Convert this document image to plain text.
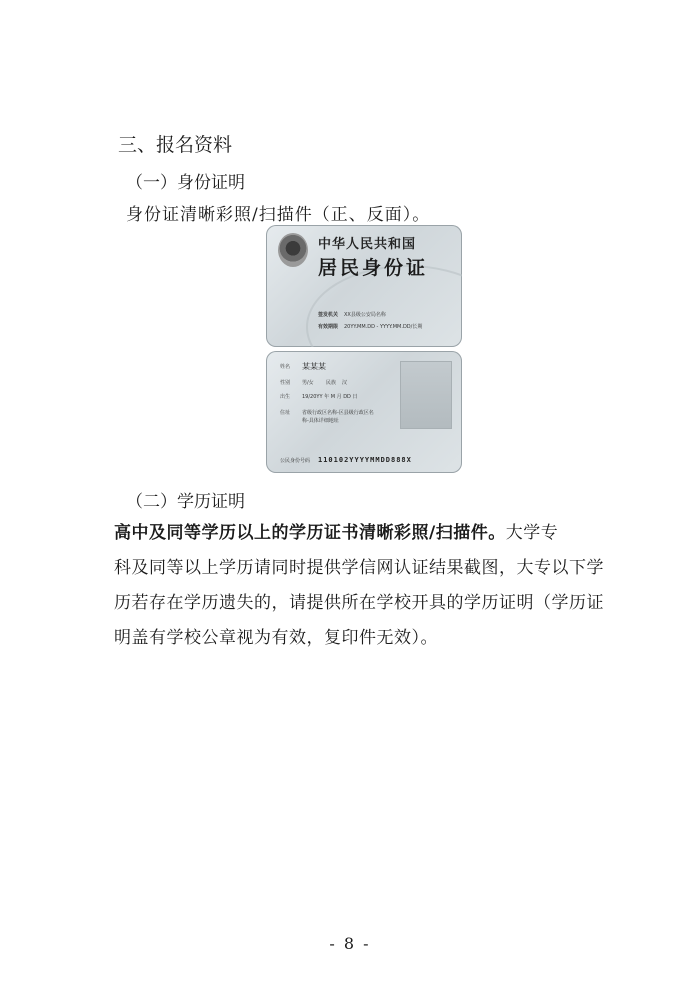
三、报名资料
（一）身份证明
身份证清晰彩照/扫描件（正、反面）。
中华人民共和国
居民身份证
签发机关 XX县级公安局名称
有效期限 20YY.MM.DD - YYYY.MM.DD/长期
姓名 某某某
性别 男/女 民族 汉
出生 19/20YY 年 M 月 DD 日
住址 省级行政区名称-区县级行政区名
称-具体详细地址
公民身份号码 110102YYYYMMDD888X
（二）学历证明
高中及同等学历以上的学历证书清晰彩照/扫描件。大学专
科及同等以上学历请同时提供学信网认证结果截图，大专以下学
历若存在学历遗失的，请提供所在学校开具的学历证明（学历证
明盖有学校公章视为有效，复印件无效）。
- 8 -
